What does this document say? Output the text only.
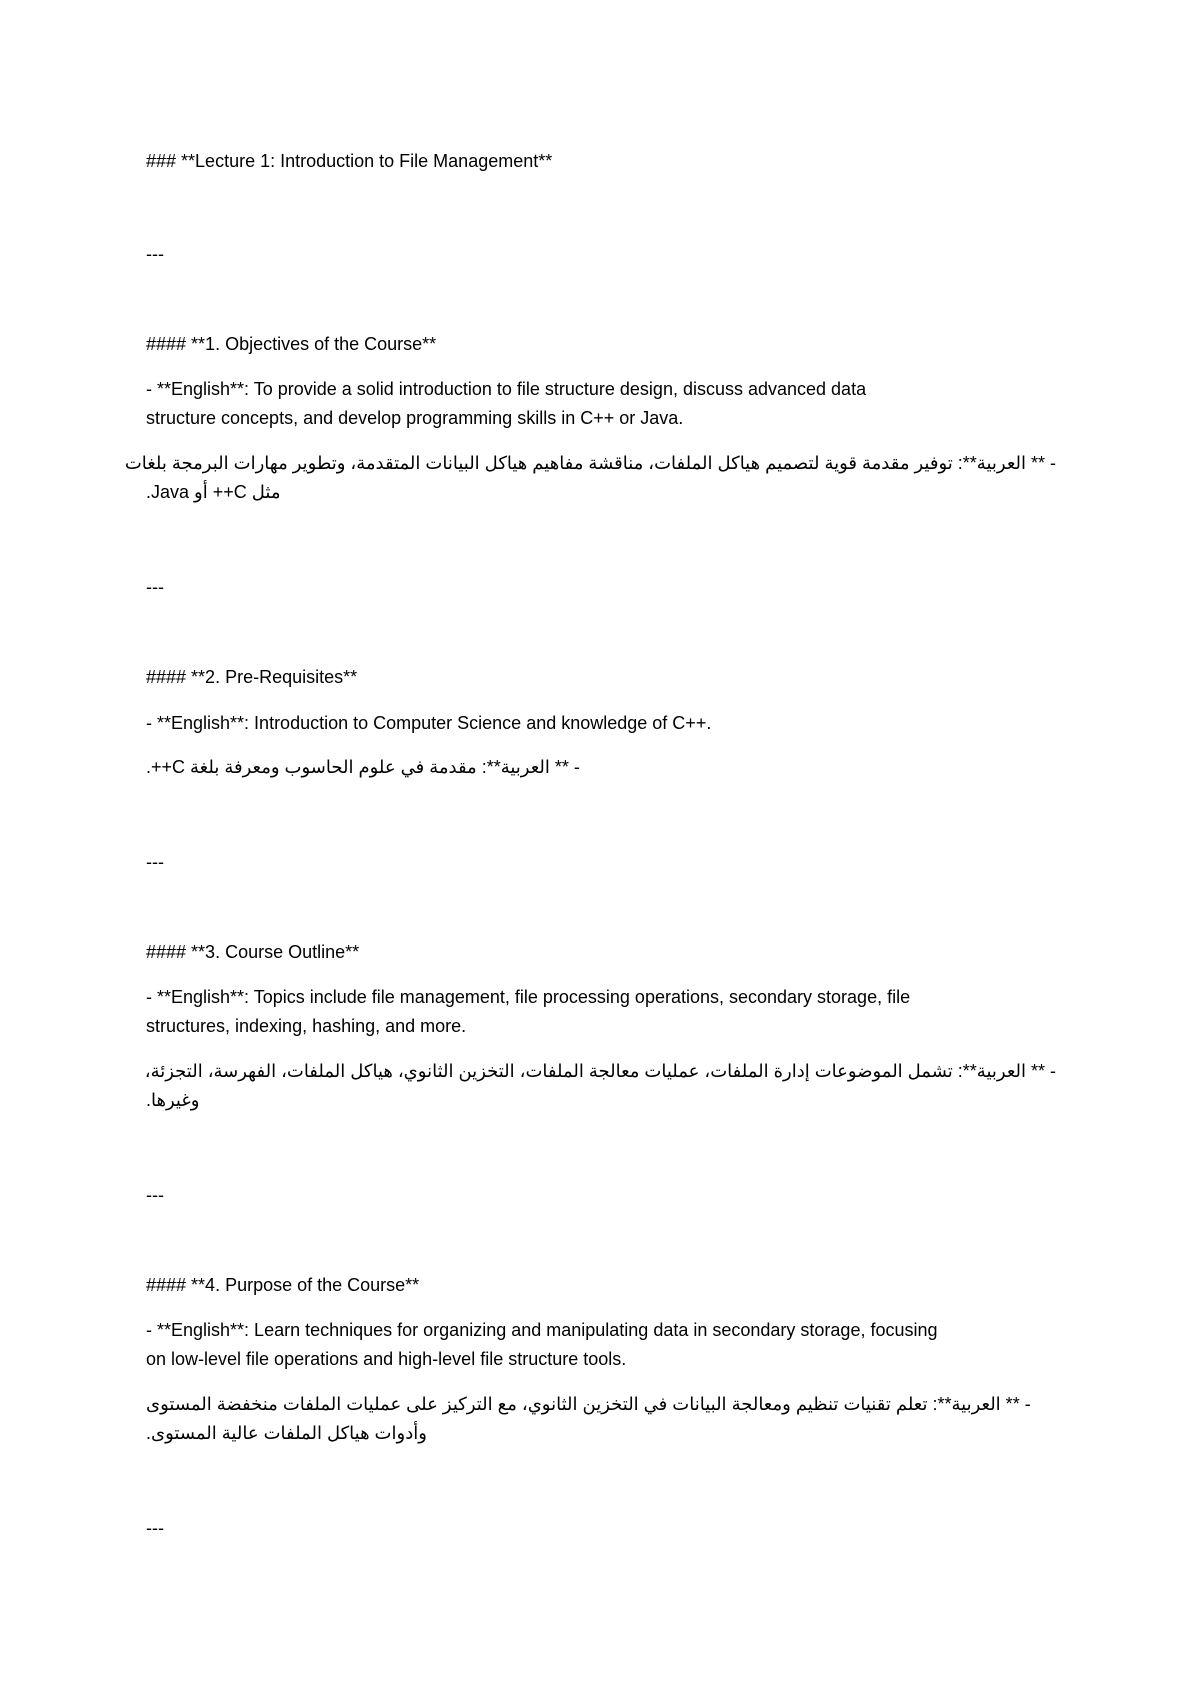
### **Lecture 1: Introduction to File Management**
---
#### **1. Objectives of the Course**
- **English**: To provide a solid introduction to file structure design, discuss advanced data
structure concepts, and develop programming skills in C++ or Java.
- ** العربية**: توفير مقدمة قوية لتصميم هياكل الملفات، مناقشة مفاهيم هياكل البيانات المتقدمة، وتطوير مهارات البرمجة بلغات
مثل C++ أو Java.
---
#### **2. Pre-Requisites**
- **English**: Introduction to Computer Science and knowledge of C++.
- ** العربية**: مقدمة في علوم الحاسوب ومعرفة بلغة C++.
---
#### **3. Course Outline**
- **English**: Topics include file management, file processing operations, secondary storage, file
structures, indexing, hashing, and more.
- ** العربية**: تشمل الموضوعات إدارة الملفات، عمليات معالجة الملفات، التخزين الثانوي، هياكل الملفات، الفهرسة، التجزئة،
وغيرها.
---
#### **4. Purpose of the Course**
- **English**: Learn techniques for organizing and manipulating data in secondary storage, focusing
on low-level file operations and high-level file structure tools.
- ** العربية**: تعلم تقنيات تنظيم ومعالجة البيانات في التخزين الثانوي، مع التركيز على عمليات الملفات منخفضة المستوى
وأدوات هياكل الملفات عالية المستوى.
---
